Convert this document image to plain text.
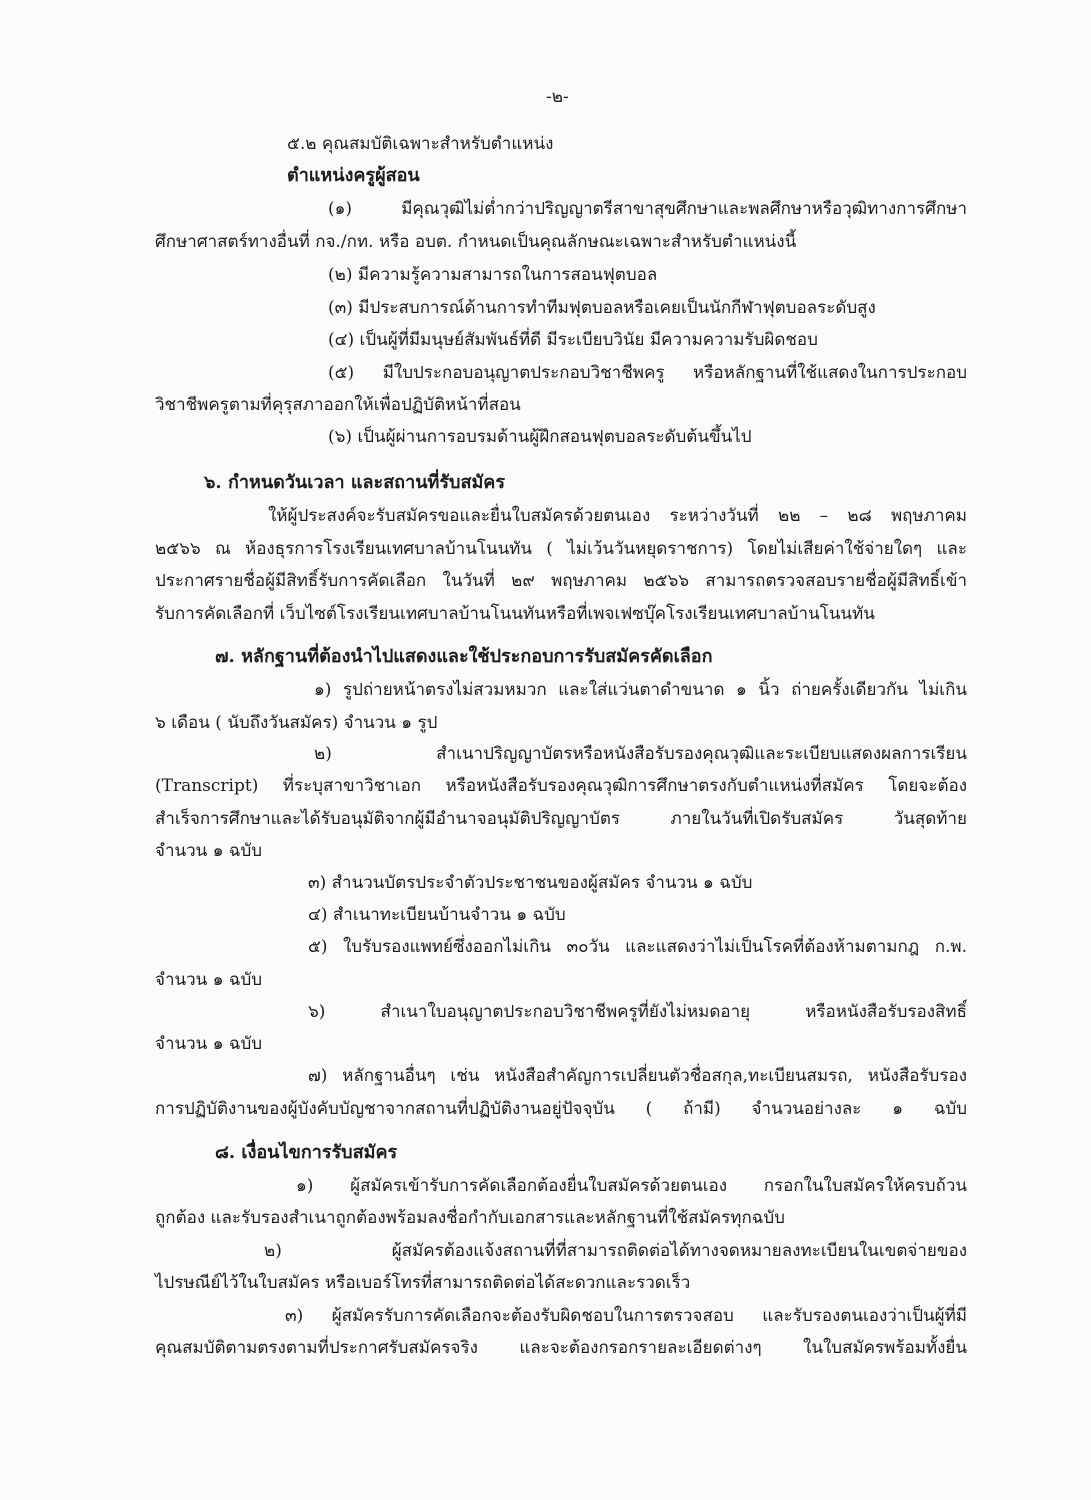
-๒-
๕.๒ คุณสมบัติเฉพาะสำหรับตำแหน่ง
ตำแหน่งครูผู้สอน
(๑) มีคุณวุฒิไม่ต่ำกว่าปริญญาตรีสาขาสุขศึกษาและพลศึกษาหรือวุฒิทางการศึกษา
ศึกษาศาสตร์ทางอื่นที่ กจ./กท. หรือ อบต. กำหนดเป็นคุณลักษณะเฉพาะสำหรับตำแหน่งนี้
(๒) มีความรู้ความสามารถในการสอนฟุตบอล
(๓) มีประสบการณ์ด้านการทำทีมฟุตบอลหรือเคยเป็นนักกีฬาฟุตบอลระดับสูง
(๔) เป็นผู้ที่มีมนุษย์สัมพันธ์ที่ดี มีระเบียบวินัย มีความความรับผิดชอบ
(๕) มีใบประกอบอนุญาตประกอบวิชาชีพครู หรือหลักฐานที่ใช้แสดงในการประกอบ
วิชาชีพครูตามที่คุรุสภาออกให้เพื่อปฏิบัติหน้าที่สอน
(๖) เป็นผู้ผ่านการอบรมด้านผู้ฝึกสอนฟุตบอลระดับต้นขึ้นไป
๖. กำหนดวันเวลา และสถานที่รับสมัคร
ให้ผู้ประสงค์จะรับสมัครขอและยื่นใบสมัครด้วยตนเอง ระหว่างวันที่ ๒๒ – ๒๘ พฤษภาคม
๒๕๖๖ ณ ห้องธุรการโรงเรียนเทศบาลบ้านโนนทัน ( ไม่เว้นวันหยุดราชการ) โดยไม่เสียค่าใช้จ่ายใดๆ และ
ประกาศรายชื่อผู้มีสิทธิ์รับการคัดเลือก ในวันที่ ๒๙ พฤษภาคม ๒๕๖๖ สามารถตรวจสอบรายชื่อผู้มีสิทธิ์เข้า
รับการคัดเลือกที่ เว็บไซต์โรงเรียนเทศบาลบ้านโนนทันหรือที่เพจเฟซบุ๊คโรงเรียนเทศบาลบ้านโนนทัน
๗. หลักฐานที่ต้องนำไปแสดงและใช้ประกอบการรับสมัครคัดเลือก
๑) รูปถ่ายหน้าตรงไม่สวมหมวก และใส่แว่นตาดำขนาด ๑ นิ้ว ถ่ายครั้งเดียวกัน ไม่เกิน
๖ เดือน ( นับถึงวันสมัคร) จำนวน ๑ รูป
๒) สำเนาปริญญาบัตรหรือหนังสือรับรองคุณวุฒิและระเบียบแสดงผลการเรียน
(Transcript) ที่ระบุสาขาวิชาเอก หรือหนังสือรับรองคุณวุฒิการศึกษาตรงกับตำแหน่งที่สมัคร โดยจะต้อง
สำเร็จการศึกษาและได้รับอนุมัติจากผู้มีอำนาจอนุมัติปริญญาบัตร ภายในวันที่เปิดรับสมัคร วันสุดท้าย
จำนวน ๑ ฉบับ
๓) สำนวนบัตรประจำตัวประชาชนของผู้สมัคร จำนวน ๑ ฉบับ
๔) สำเนาทะเบียนบ้านจำวน ๑ ฉบับ
๕) ใบรับรองแพทย์ซึ่งออกไม่เกิน ๓๐วัน และแสดงว่าไม่เป็นโรคที่ต้องห้ามตามกฎ ก.พ.
จำนวน ๑ ฉบับ
๖) สำเนาใบอนุญาตประกอบวิชาชีพครูที่ยังไม่หมดอายุ หรือหนังสือรับรองสิทธิ์
จำนวน ๑ ฉบับ
๗) หลักฐานอื่นๆ เช่น หนังสือสำคัญการเปลี่ยนตัวชื่อสกุล,ทะเบียนสมรถ, หนังสือรับรอง
การปฏิบัติงานของผู้บังคับบัญชาจากสถานที่ปฏิบัติงานอยู่ปัจจุบัน ( ถ้ามี) จำนวนอย่างละ ๑ ฉบับ
๘. เงื่อนไขการรับสมัคร
๑) ผู้สมัครเข้ารับการคัดเลือกต้องยื่นใบสมัครด้วยตนเอง กรอกในใบสมัครให้ครบถ้วน
ถูกต้อง และรับรองสำเนาถูกต้องพร้อมลงชื่อกำกับเอกสารและหลักฐานที่ใช้สมัครทุกฉบับ
๒) ผู้สมัครต้องแจ้งสถานที่ที่สามารถติดต่อได้ทางจดหมายลงทะเบียนในเขตจ่ายของ
ไปรษณีย์ไว้ในใบสมัคร หรือเบอร์โทรที่สามารถติดต่อได้สะดวกและรวดเร็ว
๓) ผู้สมัครรับการคัดเลือกจะต้องรับผิดชอบในการตรวจสอบ และรับรองตนเองว่าเป็นผู้ที่มี
คุณสมบัติตามตรงตามที่ประกาศรับสมัครจริง และจะต้องกรอกรายละเอียดต่างๆ ในใบสมัครพร้อมทั้งยื่น
